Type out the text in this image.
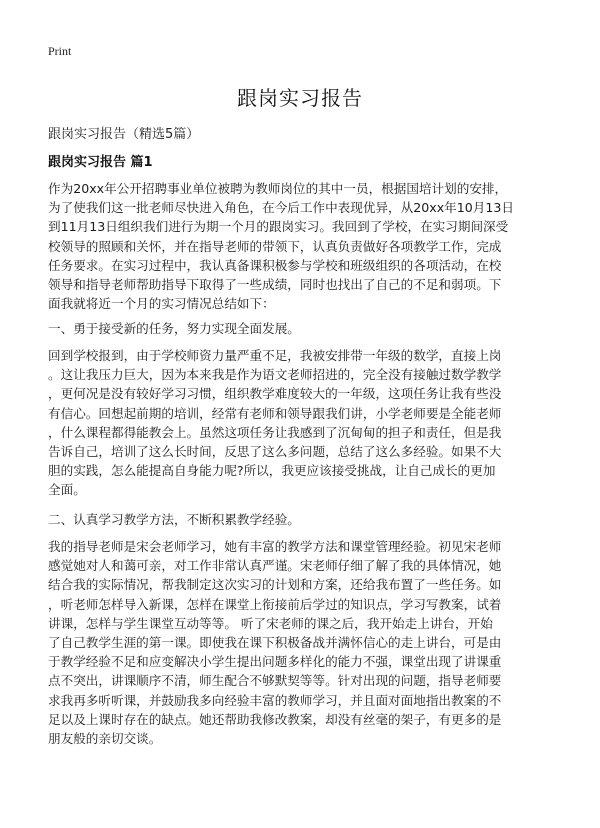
Print
跟岗实习报告
跟岗实习报告（精选5篇）
跟岗实习报告 篇1
作为20xx年公开招聘事业单位被聘为教师岗位的其中一员，根据国培计划的安排，
为了使我们这一批老师尽快进入角色，在今后工作中表现优异，从20xx年10月13日
到11月13日组织我们进行为期一个月的跟岗实习。我回到了学校，在实习期间深受
校领导的照顾和关怀，并在指导老师的带领下，认真负责做好各项教学工作，完成
任务要求。在实习过程中，我认真备课积极参与学校和班级组织的各项活动，在校
领导和指导老师帮助指导下取得了一些成绩，同时也找出了自己的不足和弱项。下
面我就将近一个月的实习情况总结如下：
一、勇于接受新的任务，努力实现全面发展。
回到学校报到，由于学校师资力量严重不足，我被安排带一年级的数学，直接上岗
。这让我压力巨大，因为本来我是作为语文老师招进的，完全没有接触过数学教学
，更何况是没有较好学习习惯，组织教学难度较大的一年级，这项任务让我有些没
有信心。回想起前期的培训，经常有老师和领导跟我们讲，小学老师要是全能老师
，什么课程都得能教会上。虽然这项任务让我感到了沉甸甸的担子和责任，但是我
告诉自己，培训了这么长时间，反思了这么多问题，总结了这么多经验。如果不大
胆的实践，怎么能提高自身能力呢?所以，我更应该接受挑战，让自己成长的更加
全面。
二、认真学习教学方法，不断积累教学经验。
我的指导老师是宋会老师学习，她有丰富的教学方法和课堂管理经验。初见宋老师
感觉她对人和蔼可亲，对工作非常认真严谨。宋老师仔细了解了我的具体情况，她
结合我的实际情况，帮我制定这次实习的计划和方案，还给我布置了一些任务。如
，听老师怎样导入新课，怎样在课堂上衔接前后学过的知识点，学习写教案，试着
讲课，怎样与学生课堂互动等等。 听了宋老师的课之后，我开始走上讲台，开始
了自己教学生涯的第一课。即使我在课下积极备战并满怀信心的走上讲台，可是由
于教学经验不足和应变解决小学生提出问题多样化的能力不强，课堂出现了讲课重
点不突出，讲课顺序不清，师生配合不够默契等等。针对出现的问题，指导老师要
求我再多听听课，并鼓励我多向经验丰富的教师学习，并且面对面地指出教案的不
足以及上课时存在的缺点。她还帮助我修改教案，却没有丝毫的架子，有更多的是
朋友般的亲切交谈。
